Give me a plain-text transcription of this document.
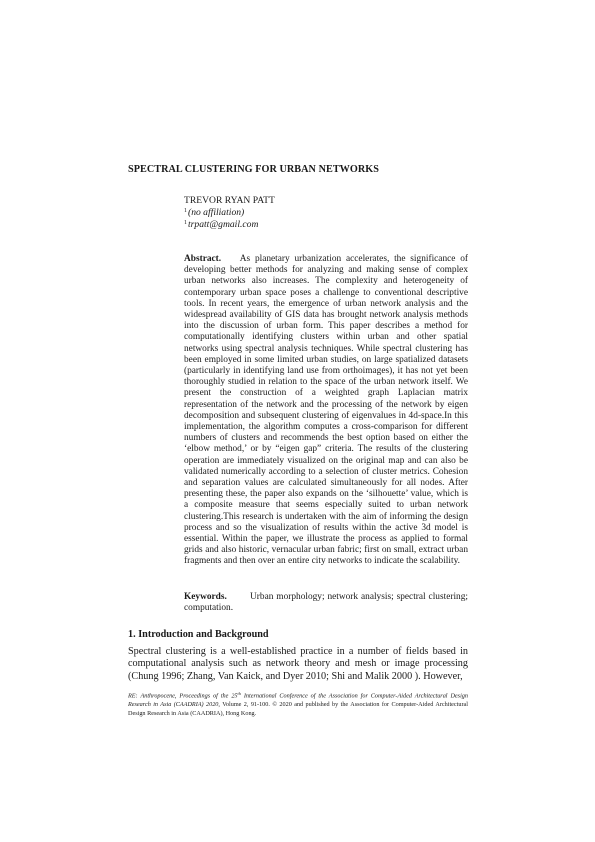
SPECTRAL CLUSTERING FOR URBAN NETWORKS
TREVOR RYAN PATT
$^1$(no affiliation)
$^1$trpatt@gmail.com

Abstract. As planetary urbanization accelerates, the significance of developing better methods for analyzing and making sense of complex urban networks also increases. The complexity and heterogeneity of contemporary urban space poses a challenge to conventional descriptive tools. In recent years, the emergence of urban network analysis and the widespread availability of GIS data has brought network analysis methods into the discussion of urban form. This paper describes a method for computationally identifying clusters within urban and other spatial networks using spectral analysis techniques. While spectral clustering has been employed in some limited urban studies, on large spatialized datasets (particularly in identifying land use from orthoimages), it has not yet been thoroughly studied in relation to the space of the urban network itself. We present the construction of a weighted graph Laplacian matrix representation of the network and the processing of the network by eigen decomposition and subsequent clustering of eigenvalues in 4d-space.In this implementation, the algorithm computes a cross-comparison for different numbers of clusters and recommends the best option based on either the ‘elbow method,’ or by “eigen gap” criteria. The results of the clustering operation are immediately visualized on the original map and can also be validated numerically according to a selection of cluster metrics. Cohesion and separation values are calculated simultaneously for all nodes. After presenting these, the paper also expands on the ‘silhouette’ value, which is a composite measure that seems especially suited to urban network clustering.This research is undertaken with the aim of informing the design process and so the visualization of results within the active 3d model is essential. Within the paper, we illustrate the process as applied to formal grids and also historic, vernacular urban fabric; first on small, extract urban fragments and then over an entire city networks to indicate the scalability.

Keywords. Urban morphology; network analysis; spectral clustering; computation.

1. Introduction and Background

Spectral clustering is a well-established practice in a number of fields based in computational analysis such as network theory and mesh or image processing (Chung 1996; Zhang, Van Kaick, and Dyer 2010; Shi and Malik 2000 ). However,

RE: Anthropocene, Proceedings of the 25th International Conference of the Association for Computer-Aided Architectural Design Research in Asia (CAADRIA) 2020, Volume 2, 91-100. © 2020 and published by the Association for Computer-Aided Architectural Design Research in Asia (CAADRIA), Hong Kong.
